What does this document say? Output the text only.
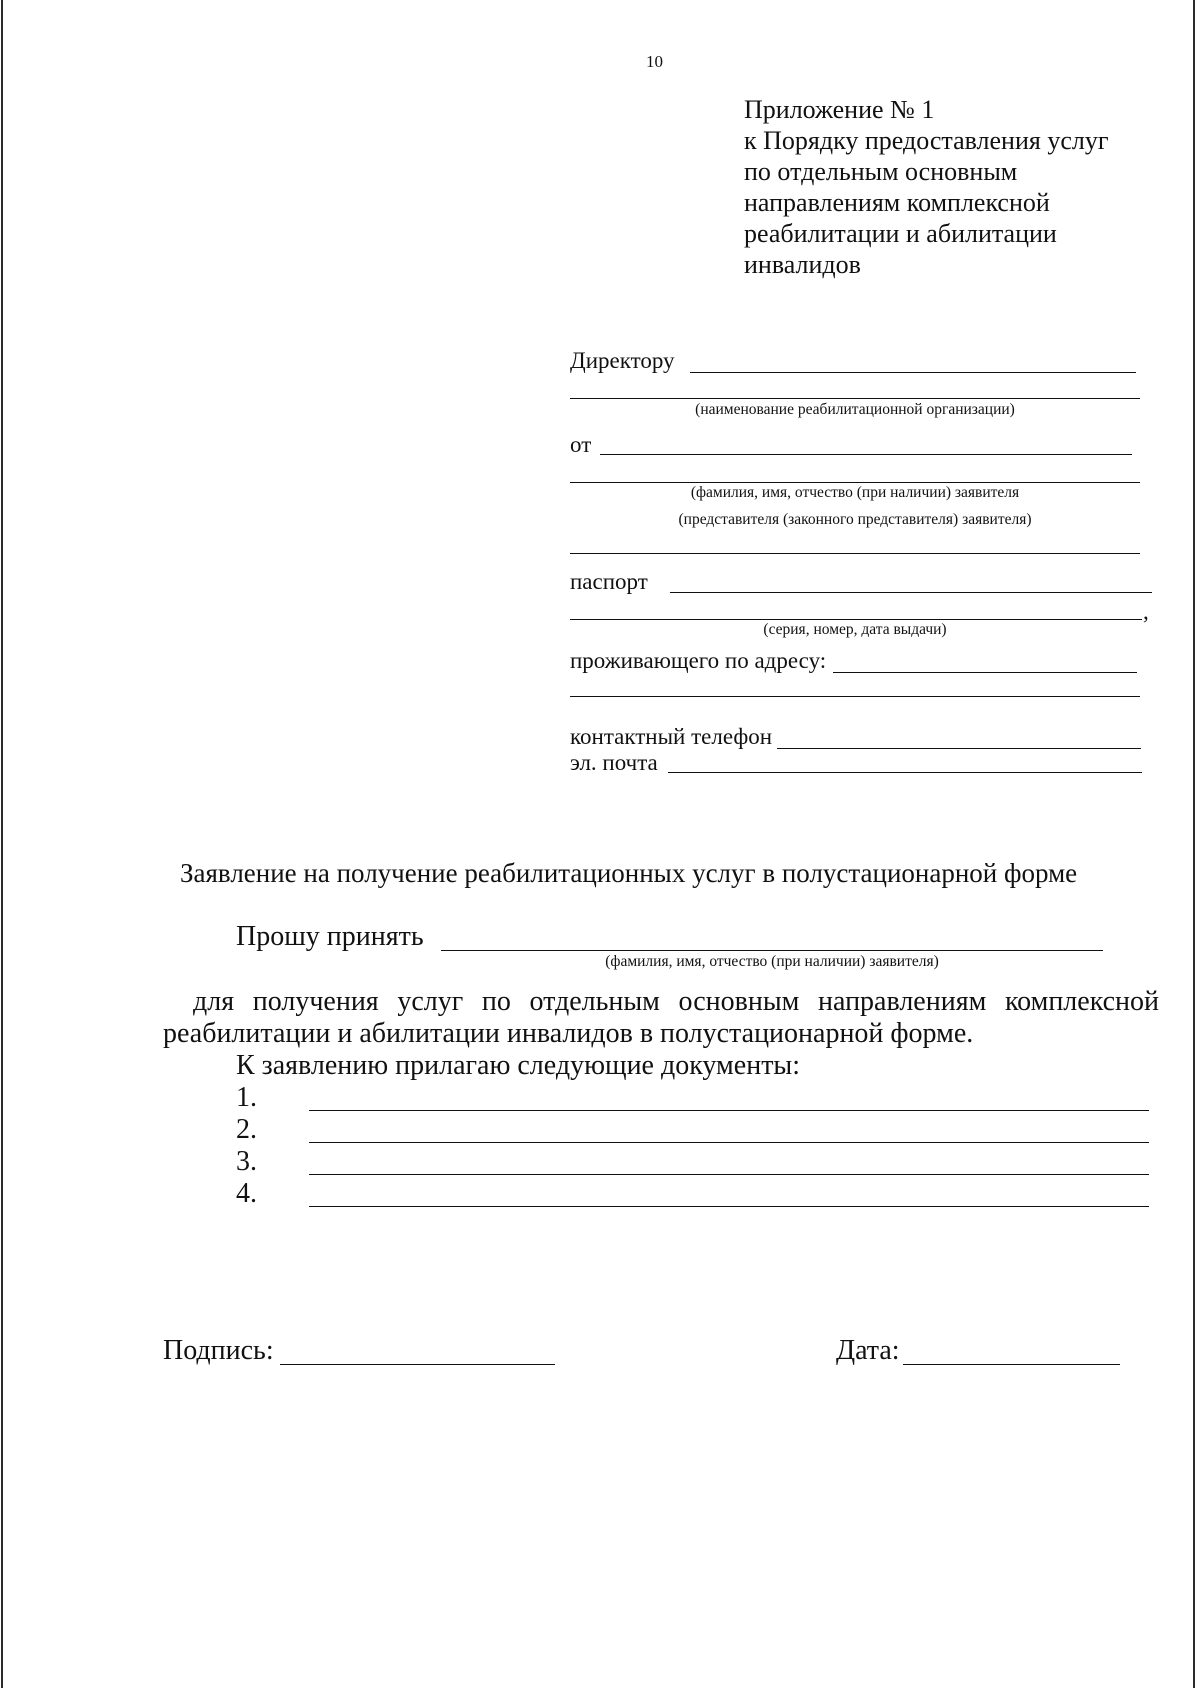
10
Приложение № 1
к Порядку предоставления услуг
по отдельным основным
направлениям комплексной
реабилитации и абилитации
инвалидов
Директору
(наименование реабилитационной организации)
от
(фамилия, имя, отчество (при наличии) заявителя
(представителя (законного представителя) заявителя)
паспорт
,
(серия, номер, дата выдачи)
проживающего по адресу:
контактный телефон
эл. почта
Заявление на получение реабилитационных услуг в полустационарной форме
Прошу принять
(фамилия, имя, отчество (при наличии) заявителя)
для получения услуг по отдельным основным направлениям комплексной
реабилитации и абилитации инвалидов в полустационарной форме.
К заявлению прилагаю следующие документы:
1.
2.
3.
4.
Подпись:	Дата:
